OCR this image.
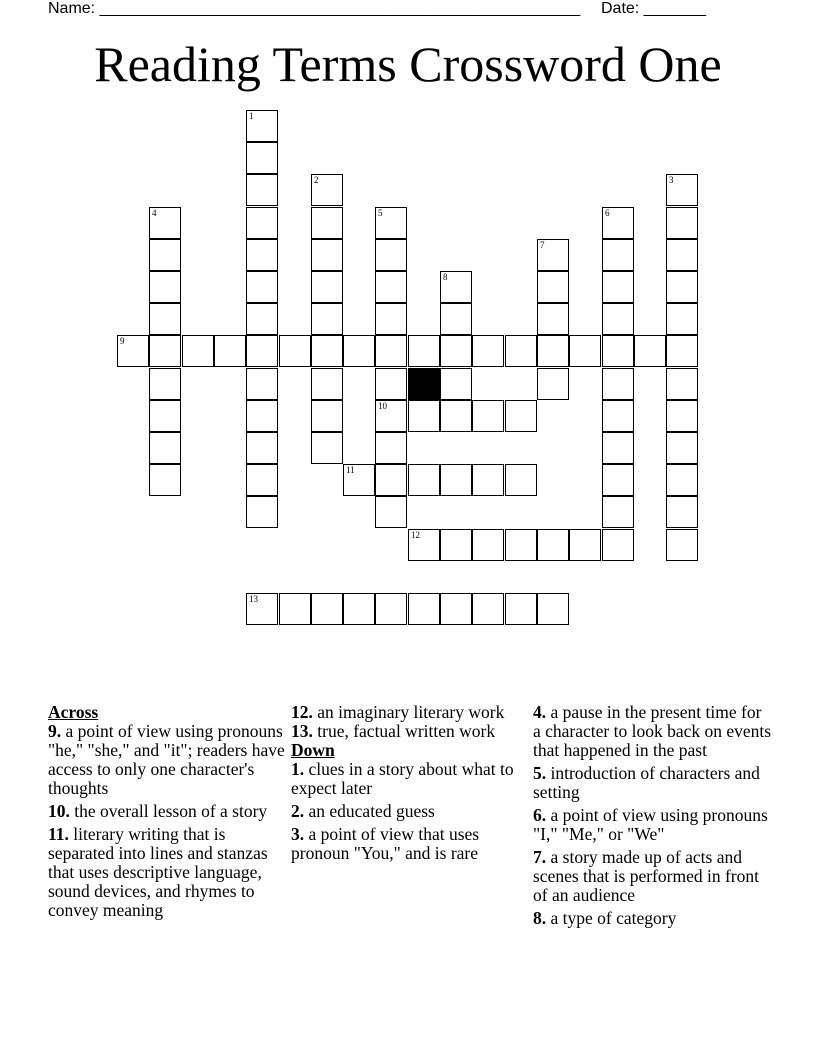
Name: ______________________________________________________ Date: _______
Reading Terms Crossword One
1
2	3
4	5
10
6
7
8
9
11
12
13

Across

9. a point of view using pronouns "he," "she," and "it"; readers have access to only one character's thoughts

10. the overall lesson of a story

11. literary writing that is separated into lines and stanzas that uses descriptive language, sound devices, and rhymes to convey meaning

12. an imaginary literary work

13. true, factual written work

Down

1. clues in a story about what to expect later

2. an educated guess

3. a point of view that uses pronoun "You," and is rare

4. a pause in the present time for a character to look back on events that happened in the past

5. introduction of characters and setting

6. a point of view using pronouns "I," "Me," or "We"

7. a story made up of acts and scenes that is performed in front of an audience

8. a type of category
